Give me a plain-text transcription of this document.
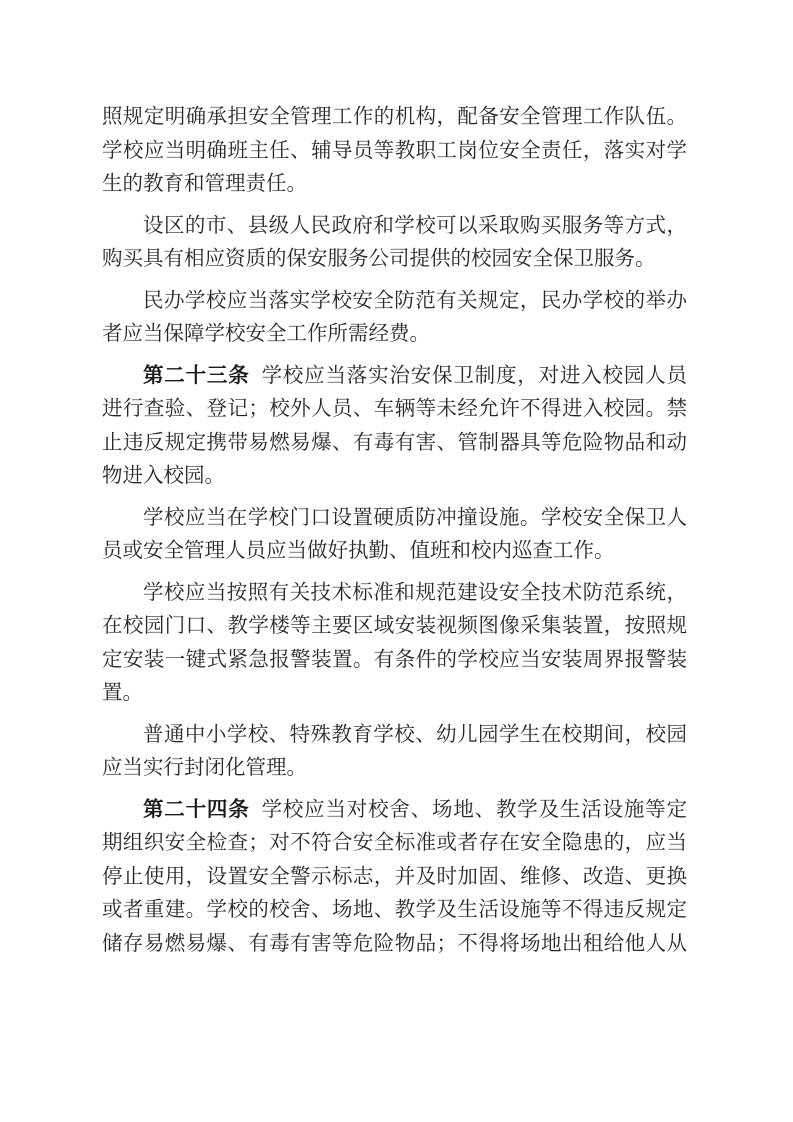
照规定明确承担安全管理工作的机构，配备安全管理工作队伍。
学校应当明确班主任、辅导员等教职工岗位安全责任，落实对学
生的教育和管理责任。
设区的市、县级人民政府和学校可以采取购买服务等方式，
购买具有相应资质的保安服务公司提供的校园安全保卫服务。
民办学校应当落实学校安全防范有关规定，民办学校的举办
者应当保障学校安全工作所需经费。
第二十三条 学校应当落实治安保卫制度，对进入校园人员
进行查验、登记；校外人员、车辆等未经允许不得进入校园。禁
止违反规定携带易燃易爆、有毒有害、管制器具等危险物品和动
物进入校园。
学校应当在学校门口设置硬质防冲撞设施。学校安全保卫人
员或安全管理人员应当做好执勤、值班和校内巡查工作。
学校应当按照有关技术标准和规范建设安全技术防范系统，
在校园门口、教学楼等主要区域安装视频图像采集装置，按照规
定安装一键式紧急报警装置。有条件的学校应当安装周界报警装
置。
普通中小学校、特殊教育学校、幼儿园学生在校期间，校园
应当实行封闭化管理。
第二十四条 学校应当对校舍、场地、教学及生活设施等定
期组织安全检查；对不符合安全标准或者存在安全隐患的，应当
停止使用，设置安全警示标志，并及时加固、维修、改造、更换
或者重建。学校的校舍、场地、教学及生活设施等不得违反规定
储存易燃易爆、有毒有害等危险物品；不得将场地出租给他人从
